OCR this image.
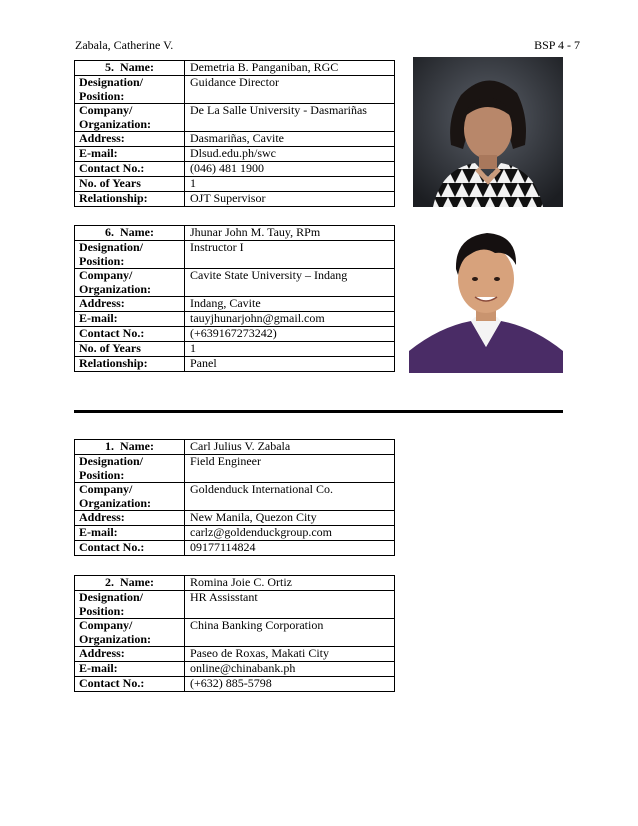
Zabala, Catherine V.	BSP 4 - 7
5. Name:	Demetria B. Panganiban, RGC

Designation/
Position:	Guidance Director

Company/
Organization:	De La Salle University - Dasmariñas
Address:	Dasmariñas, Cavite
E-mail:	Dlsud.edu.ph/swc
Contact No.:	(046) 481 1900
No. of Years	1
Relationship:	OJT Supervisor
6. Name:	Jhunar John M. Tauy, RPm

Designation/
Position:	Instructor I

Company/
Organization:	Cavite State University – Indang
Address:	Indang, Cavite
E-mail:	tauyjhunarjohn@gmail.com
Contact No.:	(+639167273242)
No. of Years	1
Relationship:	Panel
1. Name:	Carl Julius V. Zabala

Designation/
Position:	Field Engineer

Company/
Organization:	Goldenduck International Co.
Address:	New Manila, Quezon City
E-mail:	carlz@goldenduckgroup.com
Contact No.:	09177114824
2. Name:	Romina Joie C. Ortiz

Designation/
Position:	HR Assisstant

Company/
Organization:	China Banking Corporation
Address:	Paseo de Roxas, Makati City
E-mail:	online@chinabank.ph
Contact No.:	(+632) 885-5798
